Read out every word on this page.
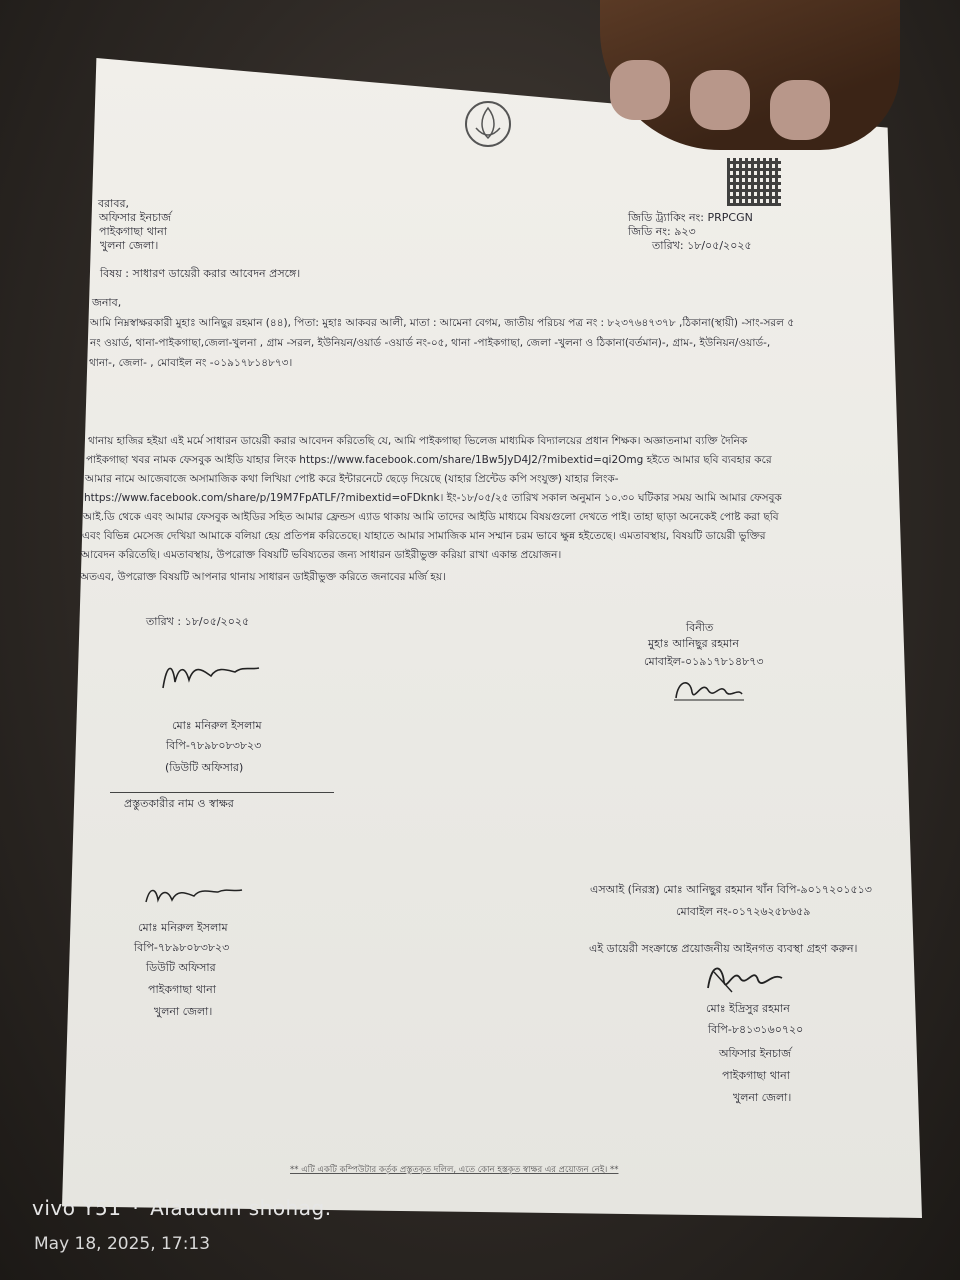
বরাবর,
অফিসার ইনচার্জ
পাইকগাছা থানা
খুলনা জেলা।
জিডি ট্র্যাকিং নং: PRPCGN
জিডি নং: ৯২৩
তারিখ: ১৮/০৫/২০২৫
বিষয় : সাধারণ ডায়েরী করার আবেদন প্রসঙ্গে।
জনাব,
আমি নিম্নস্বাক্ষরকারী মুহাঃ আনিছুর রহমান (৪৪), পিতা: মুহাঃ আকবর আলী, মাতা : আমেনা বেগম, জাতীয় পরিচয় পত্র নং : ৮২৩৭৬৪৭৩৭৮ ,ঠিকানা(স্থায়ী) -সাং-সরল ৫
নং ওয়ার্ড, থানা-পাইকগাছা,জেলা-খুলনা , গ্রাম -সরল, ইউনিয়ন/ওয়ার্ড -ওয়ার্ড নং-০৫, থানা -পাইকগাছা, জেলা -খুলনা ও ঠিকানা(বর্তমান)-, গ্রাম-, ইউনিয়ন/ওয়ার্ড-,
থানা-, জেলা- , মোবাইল নং -০১৯১৭৮১৪৮৭৩।
থানায় হাজির হইয়া এই মর্মে সাধারন ডায়েরী করার আবেদন করিতেছি যে, আমি পাইকগাছা ভিলেজ মাধ্যমিক বিদ্যালয়ের প্রধান শিক্ষক। অজ্ঞাতনামা ব্যক্তি দৈনিক
পাইকগাছা খবর নামক ফেসবুক আইডি যাহার লিংক https://www.facebook.com/share/1Bw5JyD4J2/?mibextid=qi2Omg হইতে আমার ছবি ব্যবহার করে
আমার নামে আজেবাজে অসামাজিক কথা লিখিয়া পোষ্ট করে ইন্টারনেটে ছেড়ে দিয়েছে (যাহার প্রিন্টেড কপি সংযুক্ত) যাহার লিংক-
https://www.facebook.com/share/p/19M7FpATLF/?mibextid=oFDknk। ইং-১৮/০৫/২৫ তারিখ সকাল অনুমান ১০.৩০ ঘটিকার সময় আমি আমার ফেসবুক
আই.ডি থেকে এবং আমার ফেসবুক আইডির সহিত আমার ফ্রেন্ডস এ্যাড থাকায় আমি তাদের আইডি মাধ্যমে বিষয়গুলো দেখতে পাই। তাহা ছাড়া অনেকেই পোষ্ট করা ছবি
এবং বিভিন্ন মেসেজ দেখিয়া আমাকে বলিয়া হেয় প্রতিপন্ন করিতেছে। যাহাতে আমার সামাজিক মান সম্মান চরম ভাবে ক্ষুন্ন হইতেছে। এমতাবস্থায়, বিষয়টি ডায়েরী ভুক্তির
আবেদন করিতেছি। এমতাবস্থায়, উপরোক্ত বিষয়টি ভবিষ্যতের জন্য সাধারন ডাইরীভুক্ত করিয়া রাখা একান্ত প্রয়োজন।
অতএব, উপরোক্ত বিষয়টি আপনার থানায় সাধারন ডাইরীভুক্ত করিতে জনাবের মর্জি হয়।
তারিখ : ১৮/০৫/২০২৫	বিনীত
মুহাঃ আনিছুর রহমান
মোবাইল-০১৯১৭৮১৪৮৭৩
মোঃ মনিরুল ইসলাম
বিপি-৭৮৯৮০৮৩৮২৩
(ডিউটি অফিসার)
প্রস্তুতকারীর নাম ও স্বাক্ষর
এসআই (নিরস্ত্র) মোঃ আনিছুর রহমান খাঁন বিপি-৯০১৭২০১৫১৩
মোবাইল নং-০১৭২৬২৫৮৬৫৯
এই ডায়েরী সংক্রান্তে প্রয়োজনীয় আইনগত ব্যবস্থা গ্রহণ করুন।
মোঃ মনিরুল ইসলাম
বিপি-৭৮৯৮০৮৩৮২৩
ডিউটি অফিসার
পাইকগাছা থানা
খুলনা জেলা।	মোঃ ইদ্রিসুর রহমান
বিপি-৮৪১৩১৬০৭২০
অফিসার ইনচার্জ
পাইকগাছা থানা
খুলনা জেলা।
** এটি একটি কম্পিউটার কর্তৃক প্রস্তুতকৃত দলিল, এতে কোন হস্তকৃত স্বাক্ষর এর প্রয়োজন নেই। **
vivo Y51 · Alauddin shohag.
May 18, 2025, 17:13
